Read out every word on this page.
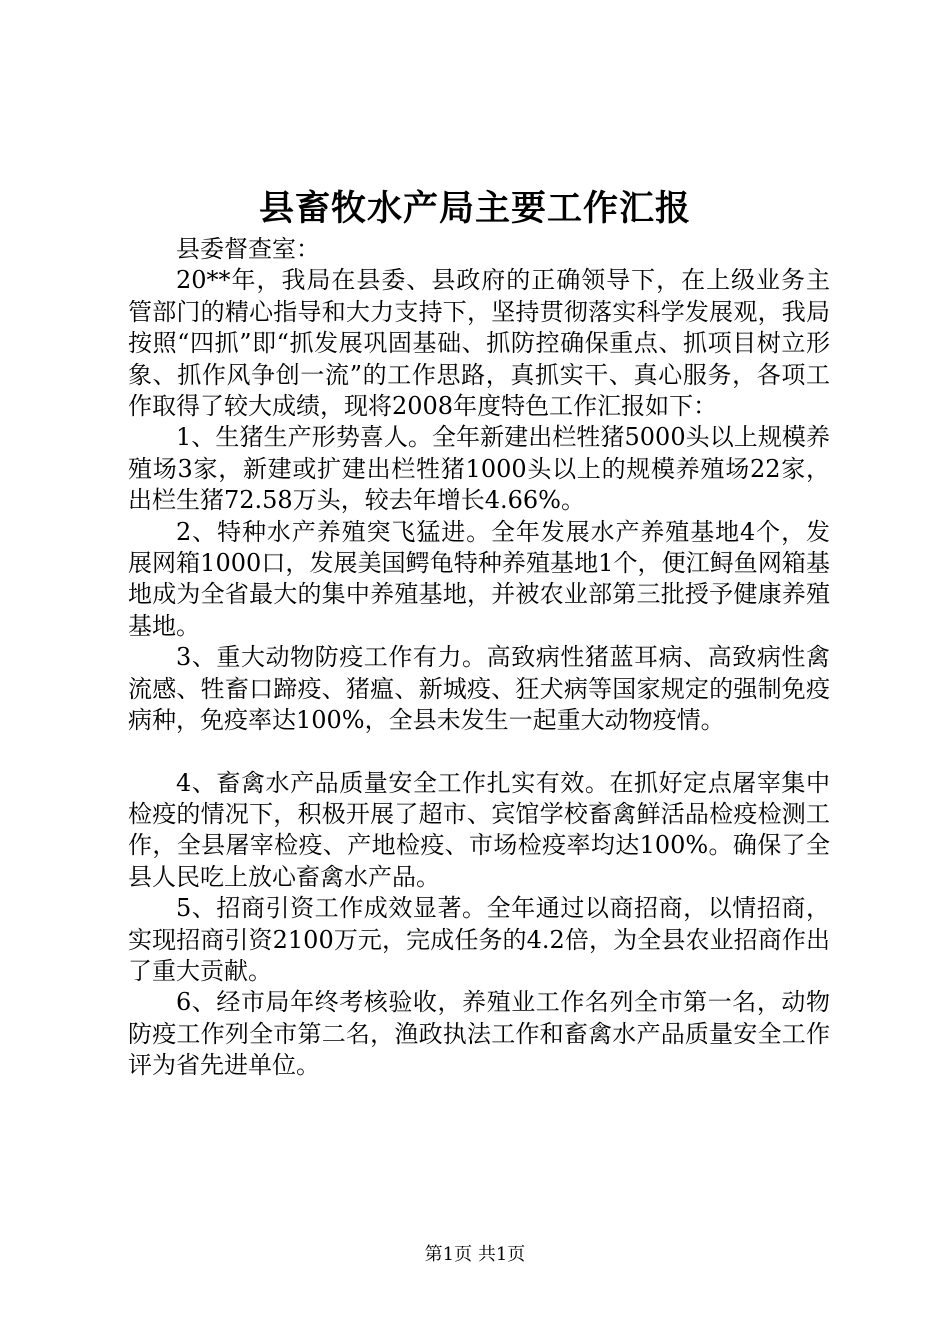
县畜牧水产局主要工作汇报

县委督查室：

20**年，我局在县委、县政府的正确领导下，在上级业务主管部门的精心指导和大力支持下，坚持贯彻落实科学发展观，我局按照“四抓”即“抓发展巩固基础、抓防控确保重点、抓项目树立形象、抓作风争创一流”的工作思路，真抓实干、真心服务，各项工作取得了较大成绩，现将2008年度特色工作汇报如下：

1、生猪生产形势喜人。全年新建出栏牲猪5000头以上规模养殖场3家，新建或扩建出栏牲猪1000头以上的规模养殖场22家，出栏生猪72.58万头，较去年增长4.66%。

2、特种水产养殖突飞猛进。全年发展水产养殖基地4个，发展网箱1000口，发展美国鳄龟特种养殖基地1个，便江鲟鱼网箱基地成为全省最大的集中养殖基地，并被农业部第三批授予健康养殖基地。

3、重大动物防疫工作有力。高致病性猪蓝耳病、高致病性禽流感、牲畜口蹄疫、猪瘟、新城疫、狂犬病等国家规定的强制免疫病种，免疫率达100%，全县未发生一起重大动物疫情。

4、畜禽水产品质量安全工作扎实有效。在抓好定点屠宰集中检疫的情况下，积极开展了超市、宾馆学校畜禽鲜活品检疫检测工作，全县屠宰检疫、产地检疫、市场检疫率均达100%。确保了全县人民吃上放心畜禽水产品。

5、招商引资工作成效显著。全年通过以商招商，以情招商，实现招商引资2100万元，完成任务的4.2倍，为全县农业招商作出了重大贡献。

6、经市局年终考核验收，养殖业工作名列全市第一名，动物防疫工作列全市第二名，渔政执法工作和畜禽水产品质量安全工作评为省先进单位。

第1页 共1页
